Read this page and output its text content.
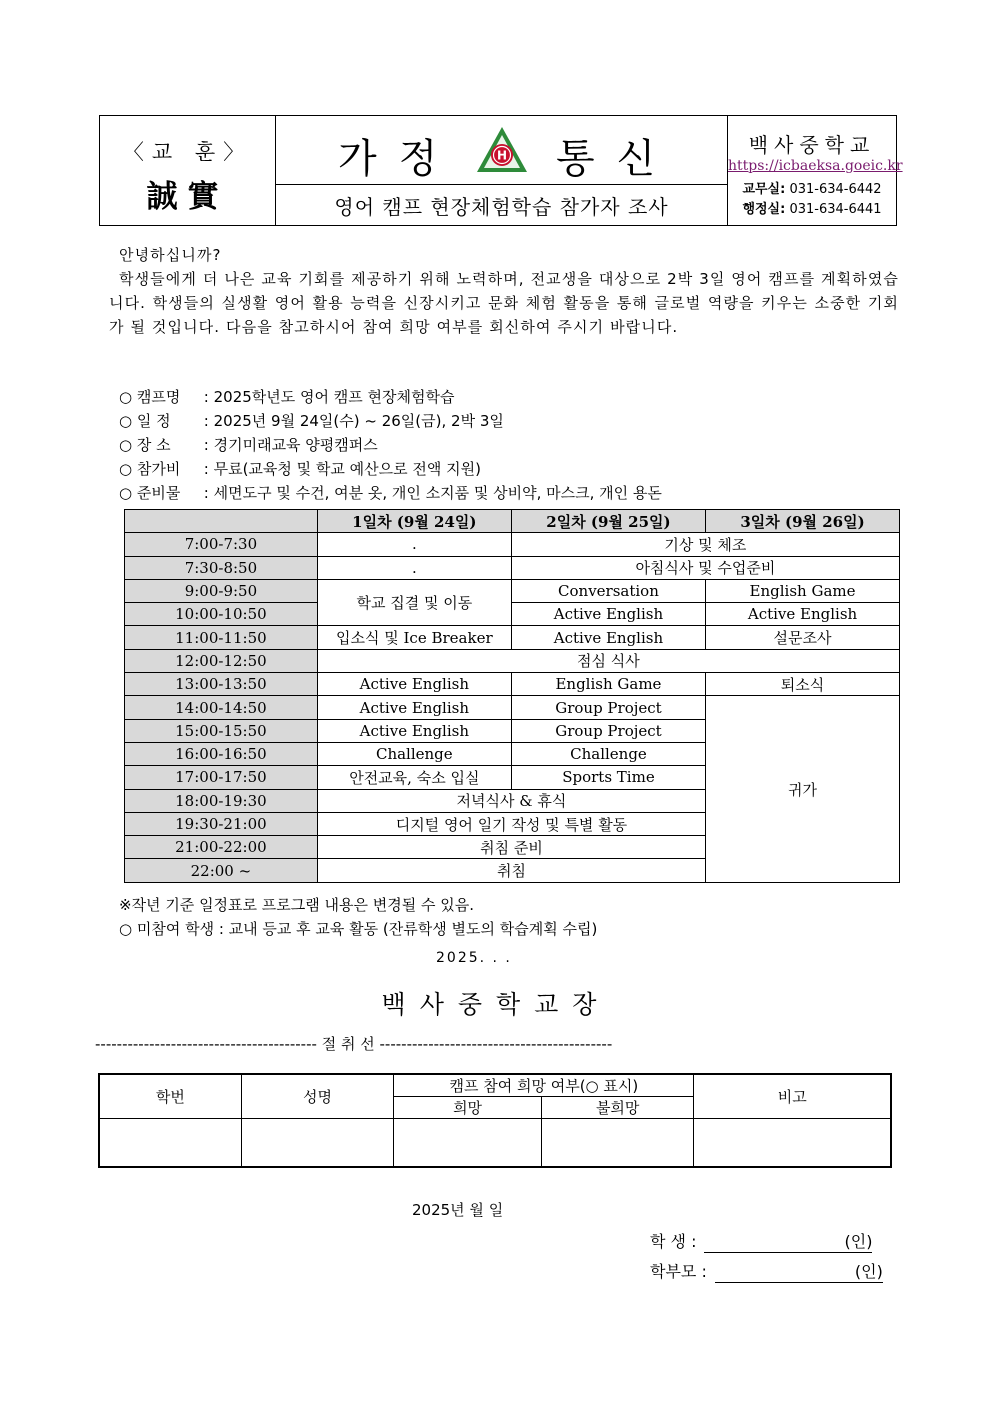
〈교 훈〉
誠實
가정	H 통신
영어 캠프 현장체험학습 참가자 조사
백사중학교
https://icbaeksa.goeic.kr
교무실: 031-634-6442
행정실: 031-634-6441
안녕하십니까?
학생들에게 더 나은 교육 기회를 제공하기 위해 노력하며, 전교생을 대상으로 2박 3일 영어 캠프를 계획하였습니다. 학생들의 실생활 영어 활용 능력을 신장시키고 문화 체험 활동을 통해 글로벌 역량을 키우는 소중한 기회가 될 것입니다. 다음을 참고하시어 참여 희망 여부를 회신하여 주시기 바랍니다.
○ 캠프명 : 2025학년도 영어 캠프 현장체험학습
○ 일 정 : 2025년 9월 24일(수) ~ 26일(금), 2박 3일
○ 장 소 : 경기미래교육 양평캠퍼스
○ 참가비 : 무료(교육청 및 학교 예산으로 전액 지원)
○ 준비물 : 세면도구 및 수건, 여분 옷, 개인 소지품 및 상비약, 마스크, 개인 용돈
	1일차 (9월 24일)	2일차 (9월 25일)	3일차 (9월 26일)
7:00-7:30	.	기상 및 체조	
7:30-8:50	.	아침식사 및 수업준비	
9:00-9:50	학교 집결 및 이동	Conversation	English Game
10:00-10:50		Active English	Active English
11:00-11:50	입소식 및 Ice Breaker	Active English	설문조사
12:00-12:50	점심 식사		
13:00-13:50	Active English	English Game	퇴소식
14:00-14:50	Active English	Group Project	귀가
15:00-15:50	Active English	Group Project	
16:00-16:50	Challenge	Challenge	
17:00-17:50	안전교육, 숙소 입실	Sports Time	
18:00-19:30	저녁식사 & 휴식		
19:30-21:00	디지털 영어 일기 작성 및 특별 활동		
21:00-22:00	취침 준비		
22:00 ~	취침		
※작년 기준 일정표로 프로그램 내용은 변경될 수 있음.
○ 미참여 학생 : 교내 등교 후 교육 활동 (잔류학생 별도의 학습계획 수립)
2025. . .
백사중학교장
----------------------------------------- 절 취 선 -------------------------------------------
학번	성명	캠프 참여 희망 여부(○ 표시)		비고
		희망	불희망	

2025년 월 일
학 생 :	(인)
학부모 :	(인)
